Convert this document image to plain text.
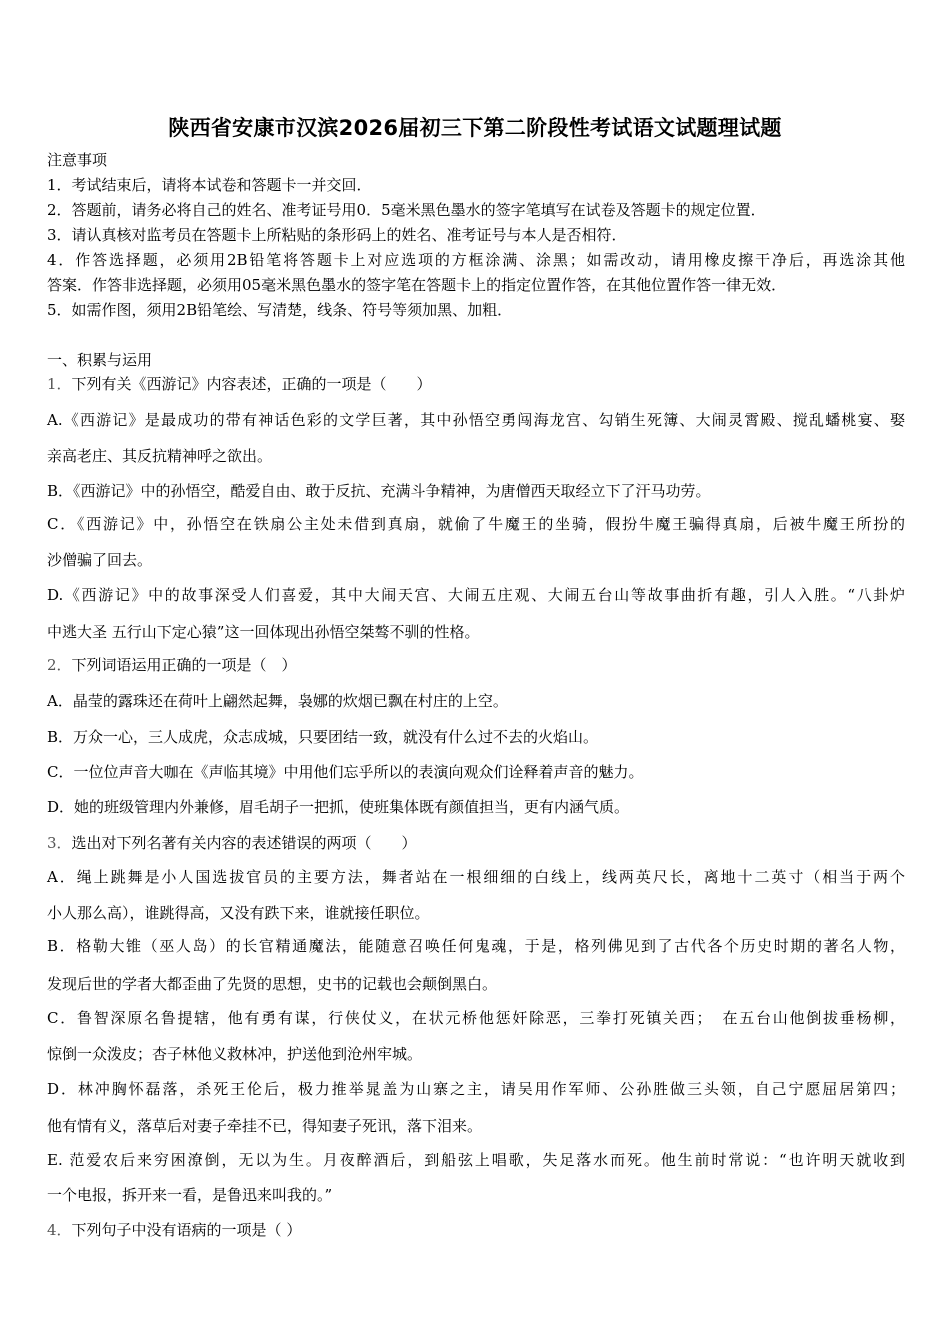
陕西省安康市汉滨2026届初三下第二阶段性考试语文试题理试题
注意事项
1．考试结束后，请将本试卷和答题卡一并交回．
2．答题前，请务必将自己的姓名、准考证号用0．5毫米黑色墨水的签字笔填写在试卷及答题卡的规定位置．
3．请认真核对监考员在答题卡上所粘贴的条形码上的姓名、准考证号与本人是否相符．
4．作答选择题，必须用2B铅笔将答题卡上对应选项的方框涂满、涂黑；如需改动，请用橡皮擦干净后，再选涂其他
答案．作答非选择题，必须用05毫米黑色墨水的签字笔在答题卡上的指定位置作答，在其他位置作答一律无效．
5．如需作图，须用2B铅笔绘、写清楚，线条、符号等须加黑、加粗．
一、积累与运用
1．下列有关《西游记》内容表述，正确的一项是（　　）
A.《西游记》是最成功的带有神话色彩的文学巨著，其中孙悟空勇闯海龙宫、勾销生死簿、大闹灵霄殿、搅乱蟠桃宴、娶
亲高老庄、其反抗精神呼之欲出。
B．《西游记》中的孙悟空，酷爱自由、敢于反抗、充满斗争精神，为唐僧西天取经立下了汗马功劳。
C．《西游记》中，孙悟空在铁扇公主处未借到真扇，就偷了牛魔王的坐骑，假扮牛魔王骗得真扇，后被牛魔王所扮的
沙僧骗了回去。
D.《西游记》中的故事深受人们喜爱，其中大闹天宫、大闹五庄观、大闹五台山等故事曲折有趣，引人入胜。“八卦炉
中逃大圣 五行山下定心猿”这一回体现出孙悟空桀骜不驯的性格。
2．下列词语运用正确的一项是（　）
A．晶莹的露珠还在荷叶上翩然起舞，袅娜的炊烟已飘在村庄的上空。
B．万众一心，三人成虎，众志成城，只要团结一致，就没有什么过不去的火焰山。
C．一位位声音大咖在《声临其境》中用他们忘乎所以的表演向观众们诠释着声音的魅力。
D．她的班级管理内外兼修，眉毛胡子一把抓，使班集体既有颜值担当，更有内涵气质。
3．选出对下列名著有关内容的表述错误的两项（　　）
A．绳上跳舞是小人国选拔官员的主要方法，舞者站在一根细细的白线上，线两英尺长，离地十二英寸（相当于两个
小人那么高），谁跳得高，又没有跌下来，谁就接任职位。
B．格勒大锥（巫人岛）的长官精通魔法，能随意召唤任何鬼魂，于是，格列佛见到了古代各个历史时期的著名人物，
发现后世的学者大都歪曲了先贤的思想，史书的记载也会颠倒黑白。
C．鲁智深原名鲁提辖，他有勇有谋，行侠仗义，在状元桥他惩奸除恶，三拳打死镇关西；　在五台山他倒拔垂杨柳，
惊倒一众泼皮；杏子林他义救林冲，护送他到沧州牢城。
D．林冲胸怀磊落，杀死王伦后，极力推举晁盖为山寨之主，请吴用作军师、公孙胜做三头领，自己宁愿屈居第四；
他有情有义，落草后对妻子牵挂不已，得知妻子死讯，落下泪来。
E. 范爱农后来穷困潦倒，无以为生。月夜醉酒后，到船弦上唱歌，失足落水而死。他生前时常说：“也许明天就收到
一个电报，拆开来一看，是鲁迅来叫我的。”
4．下列句子中没有语病的一项是（ ）
